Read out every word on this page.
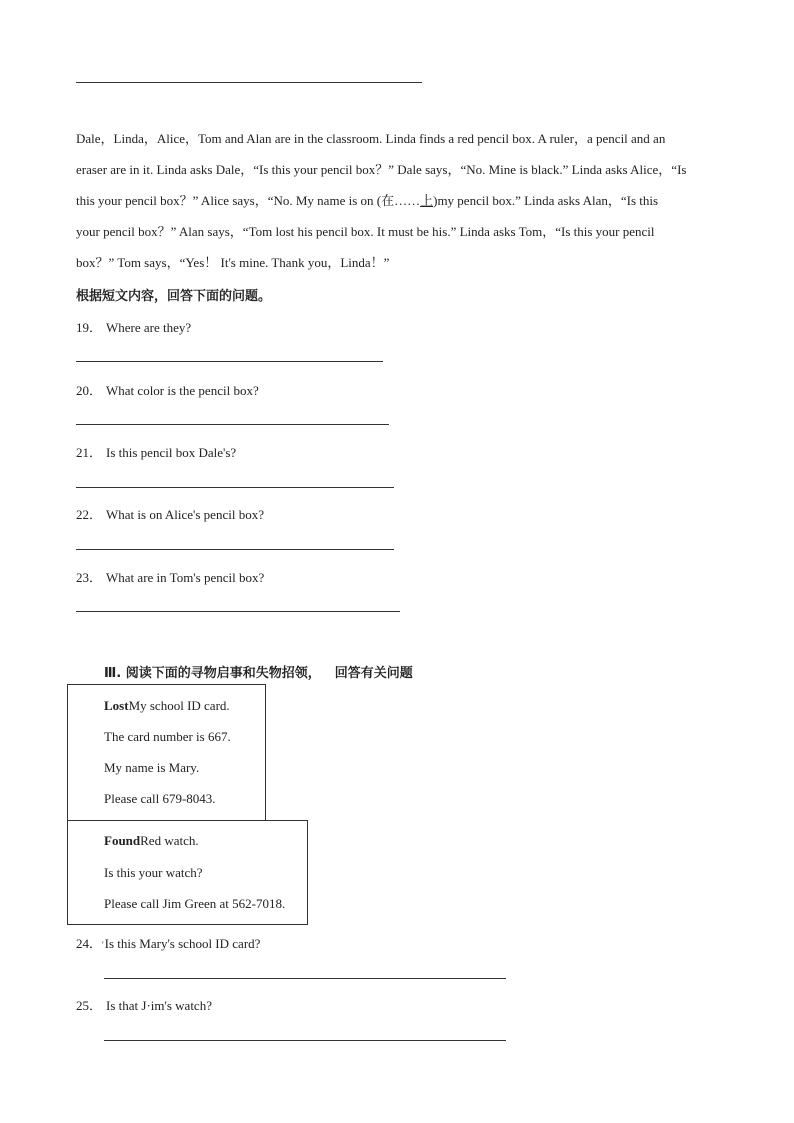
Dale，Linda，Alice，Tom and Alan are in the classroom. Linda finds a red pencil box. A ruler，a pencil and an

eraser are in it. Linda asks Dale，“Is this your pencil box？” Dale says，“No. Mine is black.” Linda asks Alice，“Is

this your pencil box？” Alice says，“No. My name is on (在……上)my pencil box.” Linda asks Alan，“Is this

your pencil box？” Alan says，“Tom lost his pencil box. It must be his.” Linda asks Tom，“Is this your pencil

box？” Tom says，“Yes！ It's mine. Thank you，Linda！”

根据短文内容，回答下面的问题。
19． Where are they?
20． What color is the pencil box?
21． Is this pencil box Dale's?
22． What is on Alice's pencil box?
23． What are in Tom's pencil box?
Ⅲ. 阅读下面的寻物启事和失物招领， 回答有关问题
LostMy school ID card.
The card number is 667.
My name is Mary.
Please call 679-8043.
FoundRed watch.
Is this your watch?
Please call Jim Green at 562-7018.
24．'Is this Mary's school ID card?
25． Is that J·im's watch?
